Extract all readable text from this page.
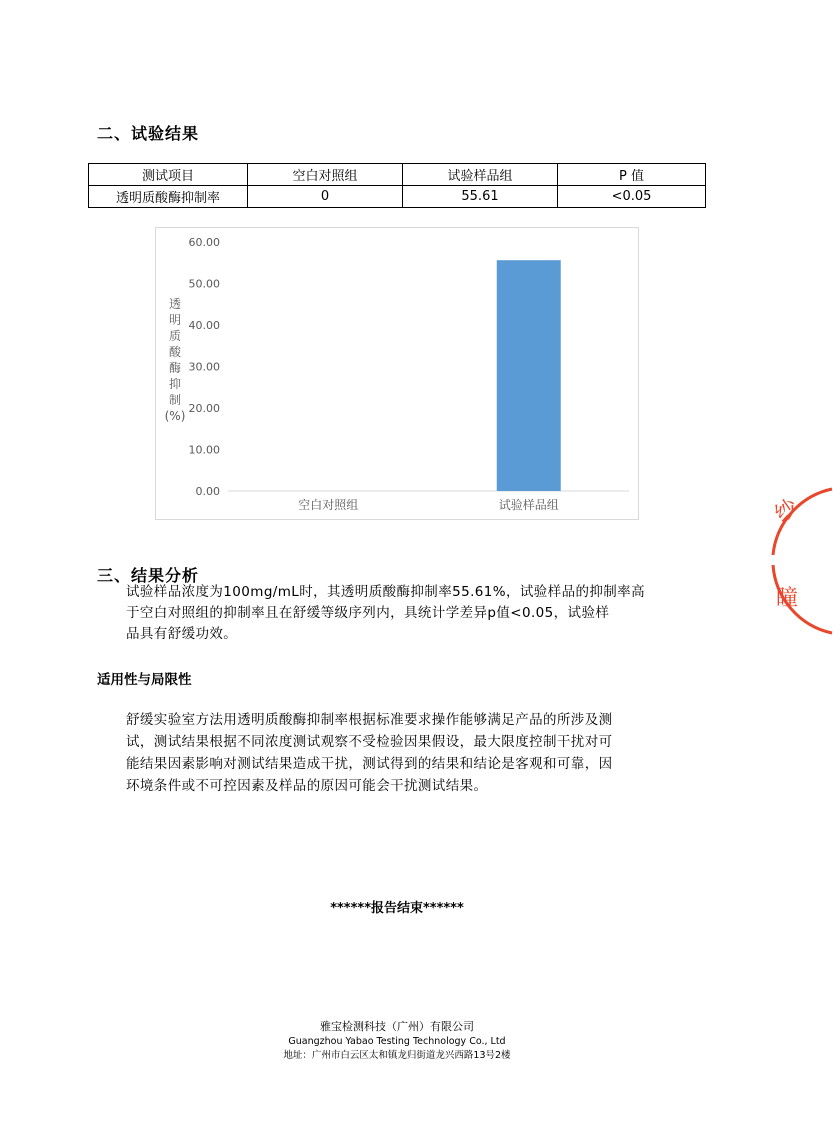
二、试验结果
测试项目	空白对照组	试验样品组	P 值
透明质酸酶抑制率	0	55.61	<0.05
0.00
10.00
20.00
30.00
40.00
50.00
60.00
空白对照组	试验样品组
透
明
质
酸
酶
抑
制
(%)
三、结果分析
试验样品浓度为100mg/mL时，其透明质酸酶抑制率55.61%，试验样品的抑制率高
于空白对照组的抑制率且在舒缓等级序列内，具统计学差异p值<0.05，试验样
品具有舒缓功效。
适用性与局限性
舒缓实验室方法用透明质酸酶抑制率根据标准要求操作能够满足产品的所涉及测
试，测试结果根据不同浓度测试观察不受检验因果假设，最大限度控制干扰对可
能结果因素影响对测试结果造成干扰，测试得到的结果和结论是客观和可靠，因
环境条件或不可控因素及样品的原因可能会干扰测试结果。
******报告结束******
雅宝检测科技（广州）有限公司
Guangzhou Yabao Testing Technology Co., Ltd
地址：广州市白云区太和镇龙归街道龙兴西路13号2楼
纱
瞳
